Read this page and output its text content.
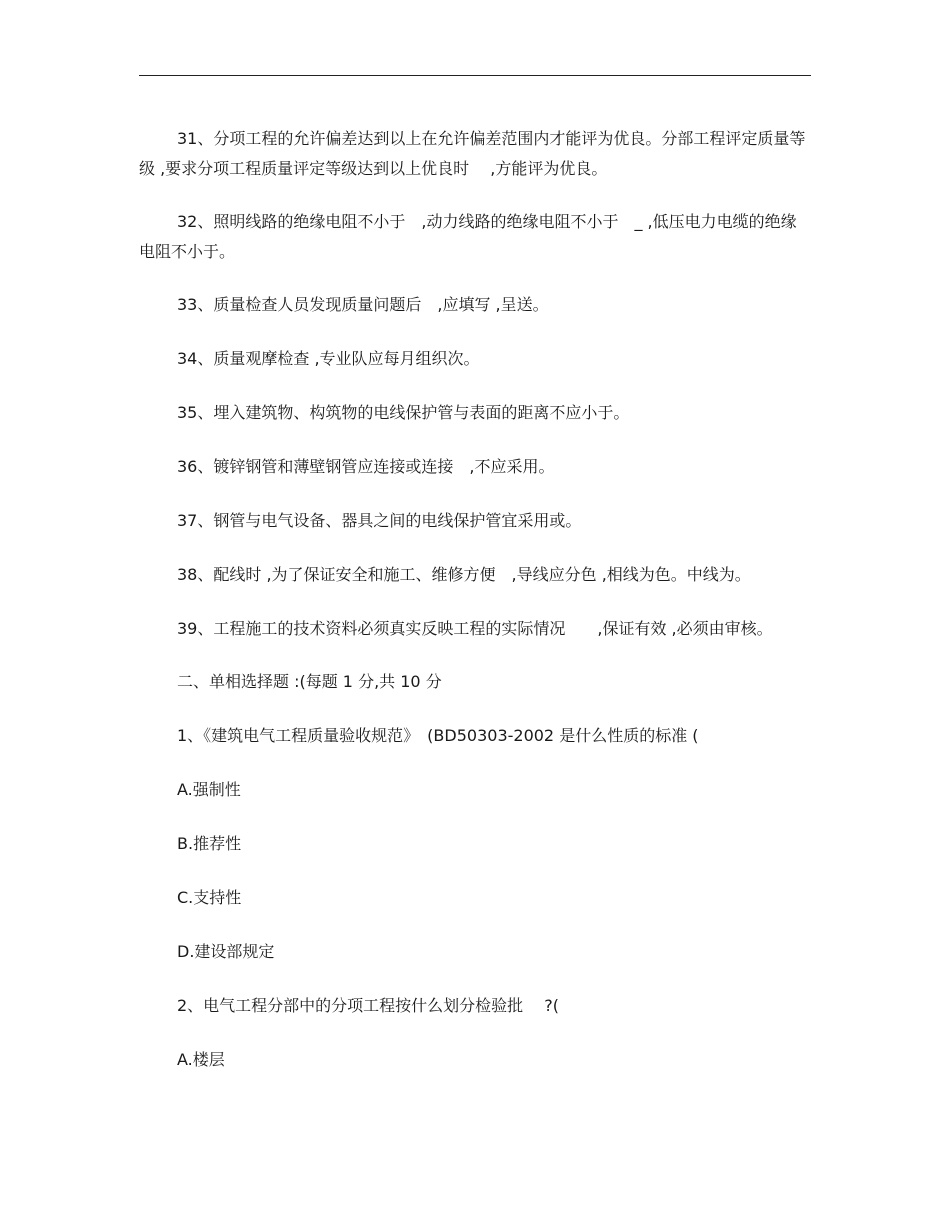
31、分项工程的允许偏差达到以上在允许偏差范围内才能评为优良。分部工程评定质量等级 ,要求分项工程质量评定等级达到以上优良时　 ,方能评为优良。

32、照明线路的绝缘电阻不小于　,动力线路的绝缘电阻不小于　_ ,低压电力电缆的绝缘电阻不小于。

33、质量检查人员发现质量问题后　,应填写 ,呈送。

34、质量观摩检查 ,专业队应每月组织次。

35、埋入建筑物、构筑物的电线保护管与表面的距离不应小于。

36、镀锌钢管和薄壁钢管应连接或连接　,不应采用。

37、钢管与电气设备、器具之间的电线保护管宜采用或。

38、配线时 ,为了保证安全和施工、维修方便　,导线应分色 ,相线为色。中线为。

39、工程施工的技术资料必须真实反映工程的实际情况　　,保证有效 ,必须由审核。

二、单相选择题 :(每题 1 分,共 10 分

1、《建筑电气工程质量验收规范》　(BD50303-2002 是什么性质的标准 (

A.强制性

B.推荐性

C.支持性

D.建设部规定

2、电气工程分部中的分项工程按什么划分检验批　 ?(

A.楼层
